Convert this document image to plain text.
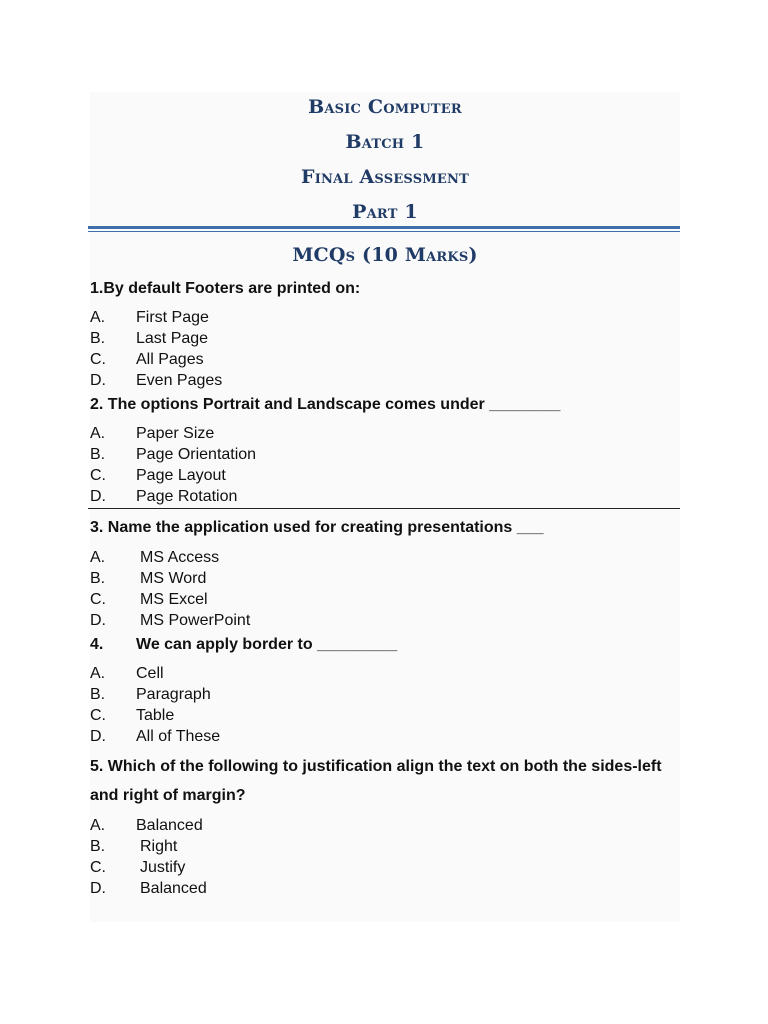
Basic Computer
Batch 1
Final Assessment
Part 1
MCQs (10 Marks)
1.By default Footers are printed on:
A. First Page
B. Last Page
C. All Pages
D. Even Pages
2. The options Portrait and Landscape comes under ________
A. Paper Size
B. Page Orientation
C. Page Layout
D. Page Rotation
3. Name the application used for creating presentations ___
A. MS Access
B. MS Word
C. MS Excel
D. MS PowerPoint
4. We can apply border to _________
A. Cell
B. Paragraph
C. Table
D. All of These
5. Which of the following to justification align the text on both the sides-left and right of margin?
A. Balanced
B. Right
C. Justify
D. Balanced
